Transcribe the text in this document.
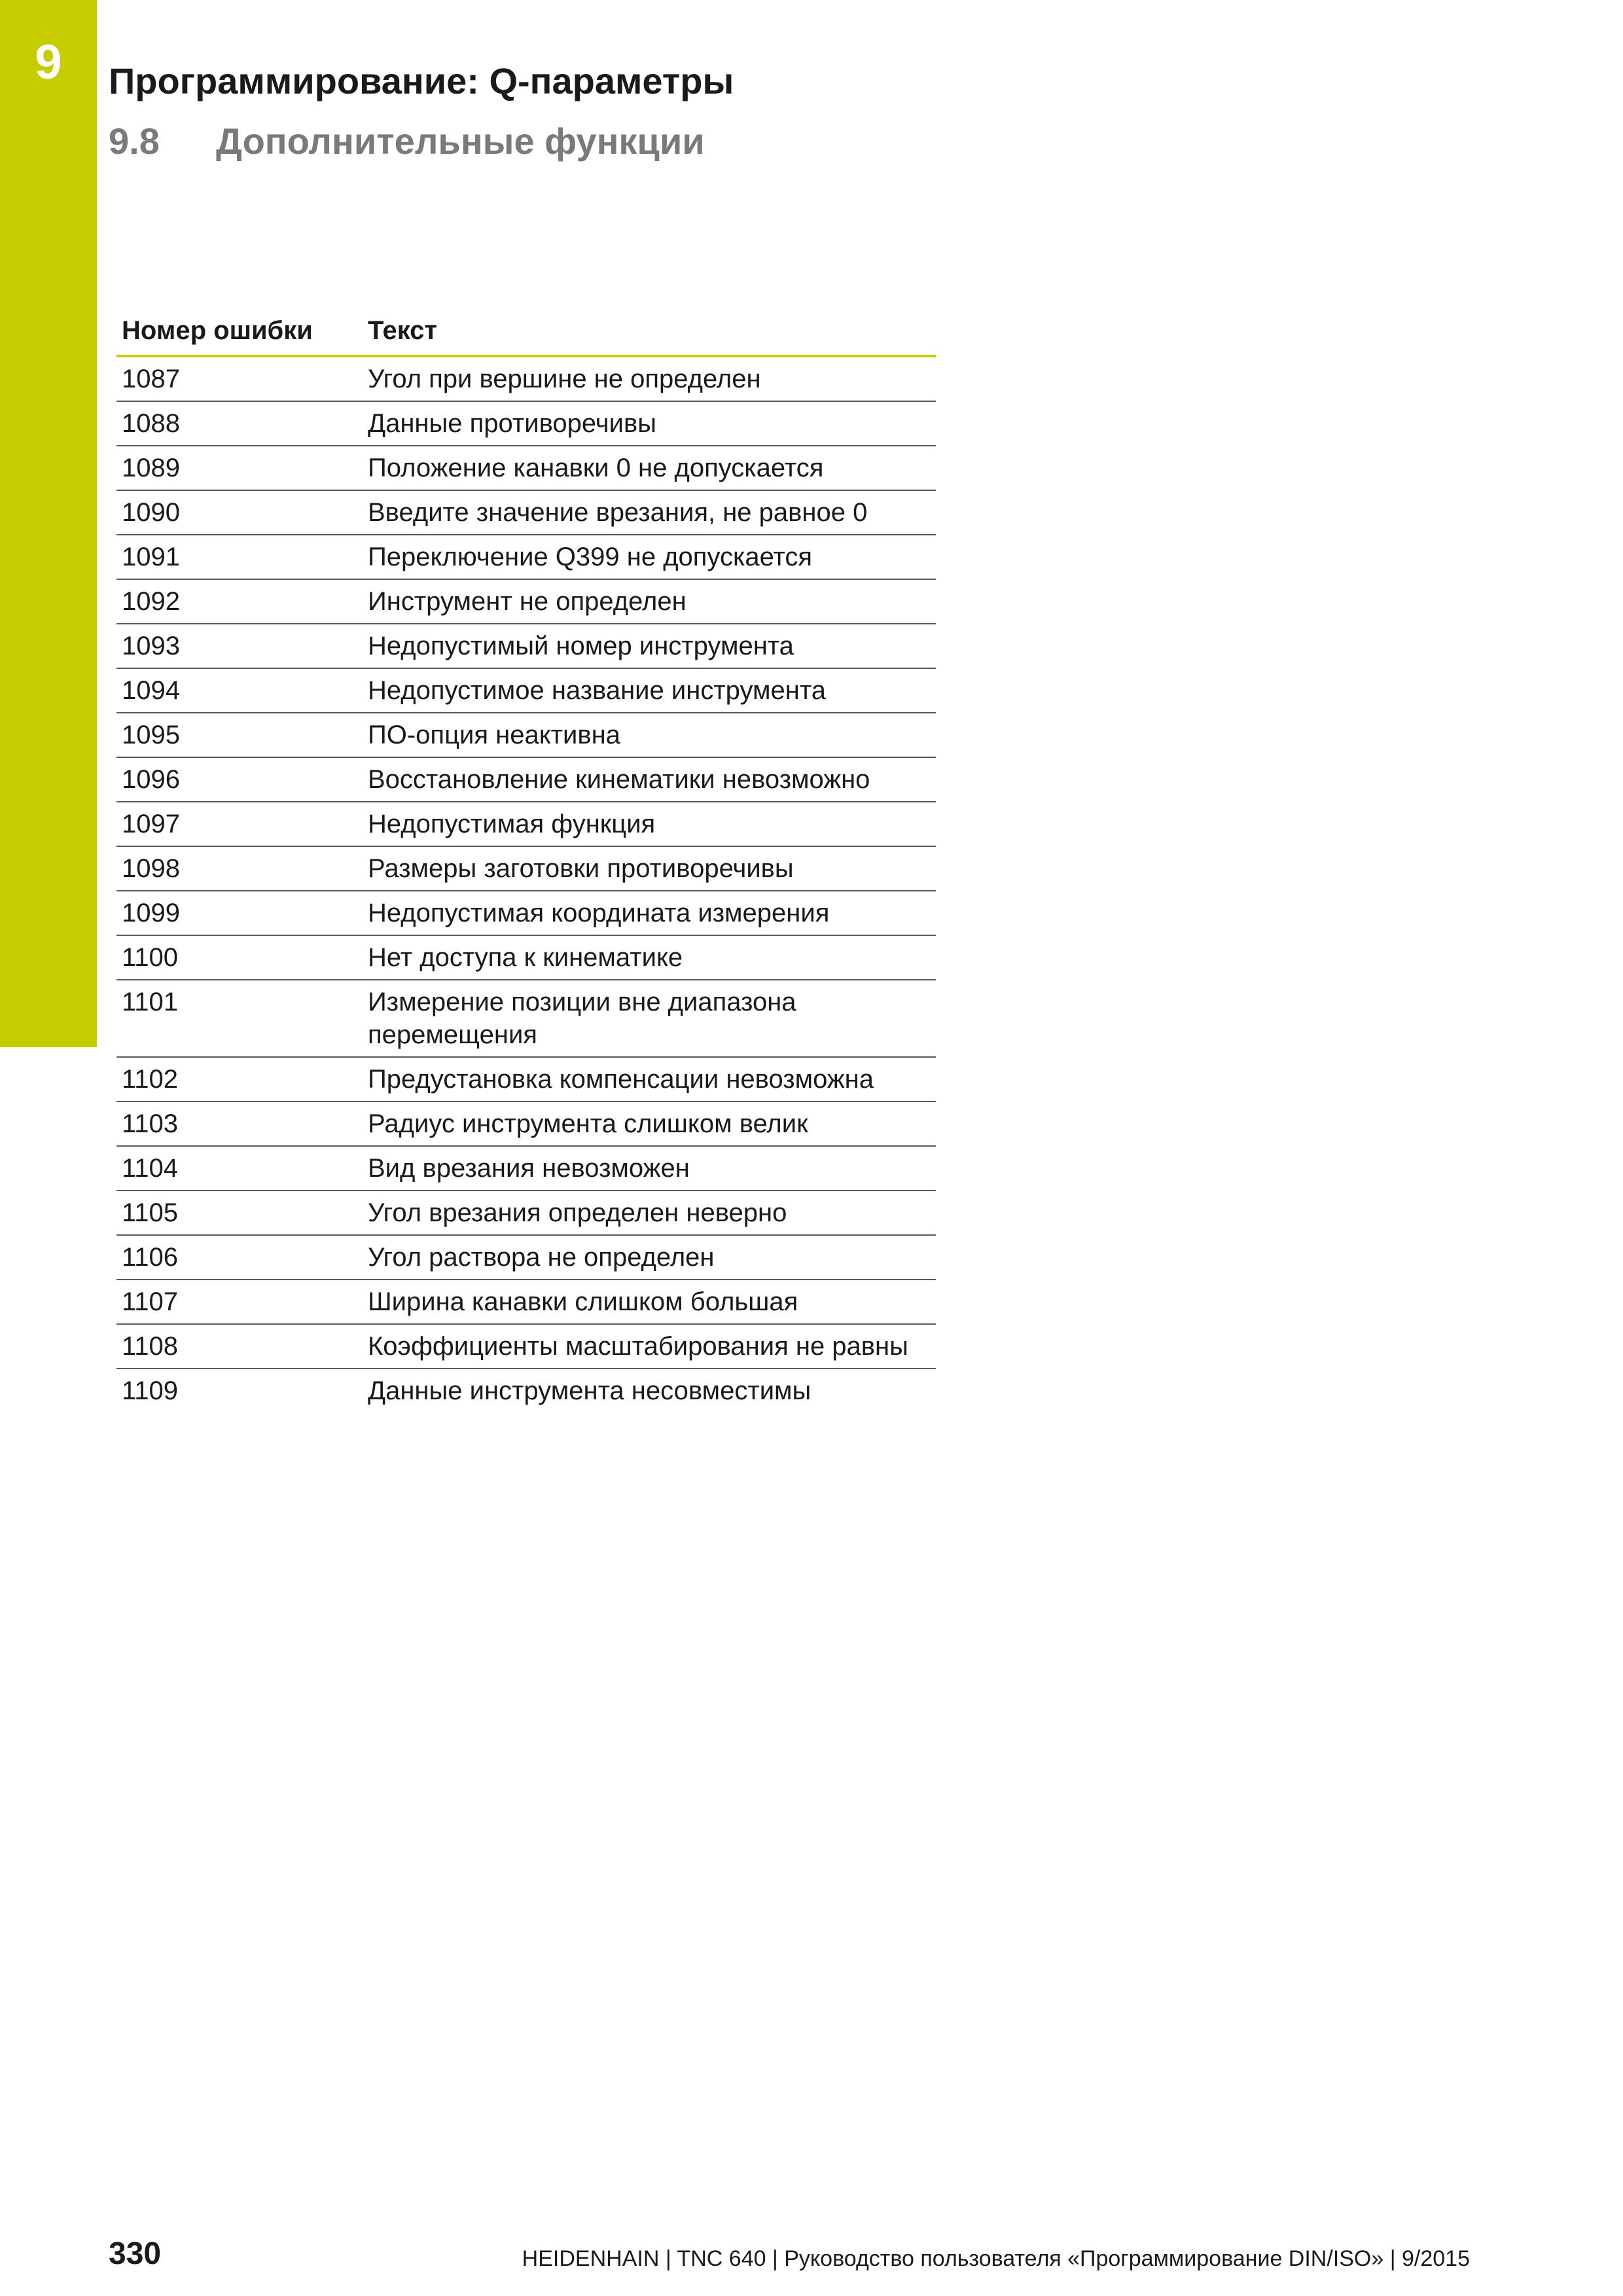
9	Программирование: Q-параметры
9.8 Дополнительные функции
Номер ошибки	Текст
1087	Угол при вершине не определен
1088	Данные противоречивы
1089	Положение канавки 0 не допускается
1090	Введите значение врезания, не равное 0
1091	Переключение Q399 не допускается
1092	Инструмент не определен
1093	Недопустимый номер инструмента
1094	Недопустимое название инструмента
1095	ПО-опция неактивна
1096	Восстановление кинематики невозможно
1097	Недопустимая функция
1098	Размеры заготовки противоречивы
1099	Недопустимая координата измерения
1100	Нет доступа к кинематике
1101	Измерение позиции вне диапазона перемещения
1102	Предустановка компенсации невозможна
1103	Радиус инструмента слишком велик
1104	Вид врезания невозможен
1105	Угол врезания определен неверно
1106	Угол раствора не определен
1107	Ширина канавки слишком большая
1108	Коэффициенты масштабирования не равны
1109	Данные инструмента несовместимы
330	HEIDENHAIN | TNC 640 | Руководство пользователя «Программирование DIN/ISO» | 9/2015
